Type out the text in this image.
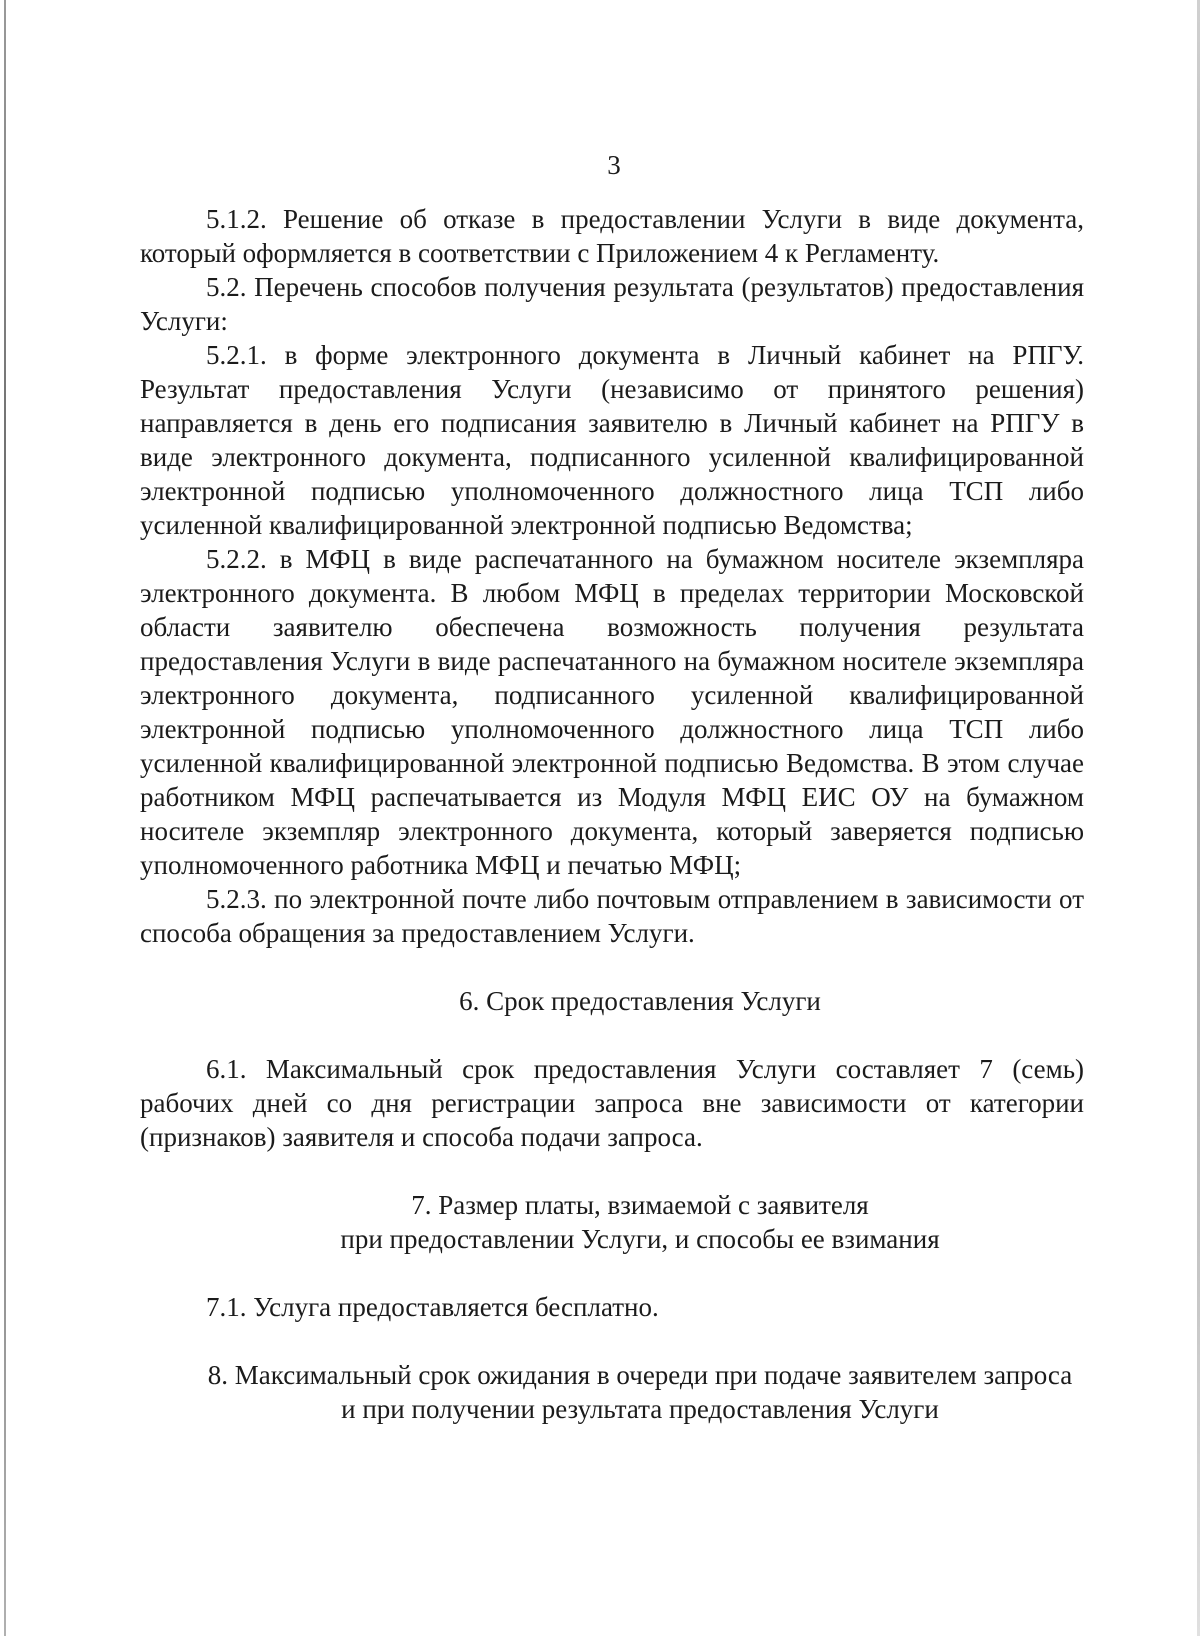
3

5.1.2. Решение об отказе в предоставлении Услуги в виде документа, который оформляется в соответствии с Приложением 4 к Регламенту.

5.2. Перечень способов получения результата (результатов) предоставления Услуги:

5.2.1. в форме электронного документа в Личный кабинет на РПГУ. Результат предоставления Услуги (независимо от принятого решения) направляется в день его подписания заявителю в Личный кабинет на РПГУ в виде электронного документа, подписанного усиленной квалифицированной электронной подписью уполномоченного должностного лица ТСП либо усиленной квалифицированной электронной подписью Ведомства;

5.2.2. в МФЦ в виде распечатанного на бумажном носителе экземпляра электронного документа. В любом МФЦ в пределах территории Московской области заявителю обеспечена возможность получения результата предоставления Услуги в виде распечатанного на бумажном носителе экземпляра электронного документа, подписанного усиленной квалифицированной электронной подписью уполномоченного должностного лица ТСП либо усиленной квалифицированной электронной подписью Ведомства. В этом случае работником МФЦ распечатывается из Модуля МФЦ ЕИС ОУ на бумажном носителе экземпляр электронного документа, который заверяется подписью уполномоченного работника МФЦ и печатью МФЦ;

5.2.3. по электронной почте либо почтовым отправлением в зависимости от способа обращения за предоставлением Услуги.

6. Срок предоставления Услуги

6.1. Максимальный срок предоставления Услуги составляет 7 (семь) рабочих дней со дня регистрации запроса вне зависимости от категории (признаков) заявителя и способа подачи запроса.

7. Размер платы, взимаемой с заявителя
при предоставлении Услуги, и способы ее взимания

7.1. Услуга предоставляется бесплатно.

8. Максимальный срок ожидания в очереди при подаче заявителем запроса
и при получении результата предоставления Услуги
